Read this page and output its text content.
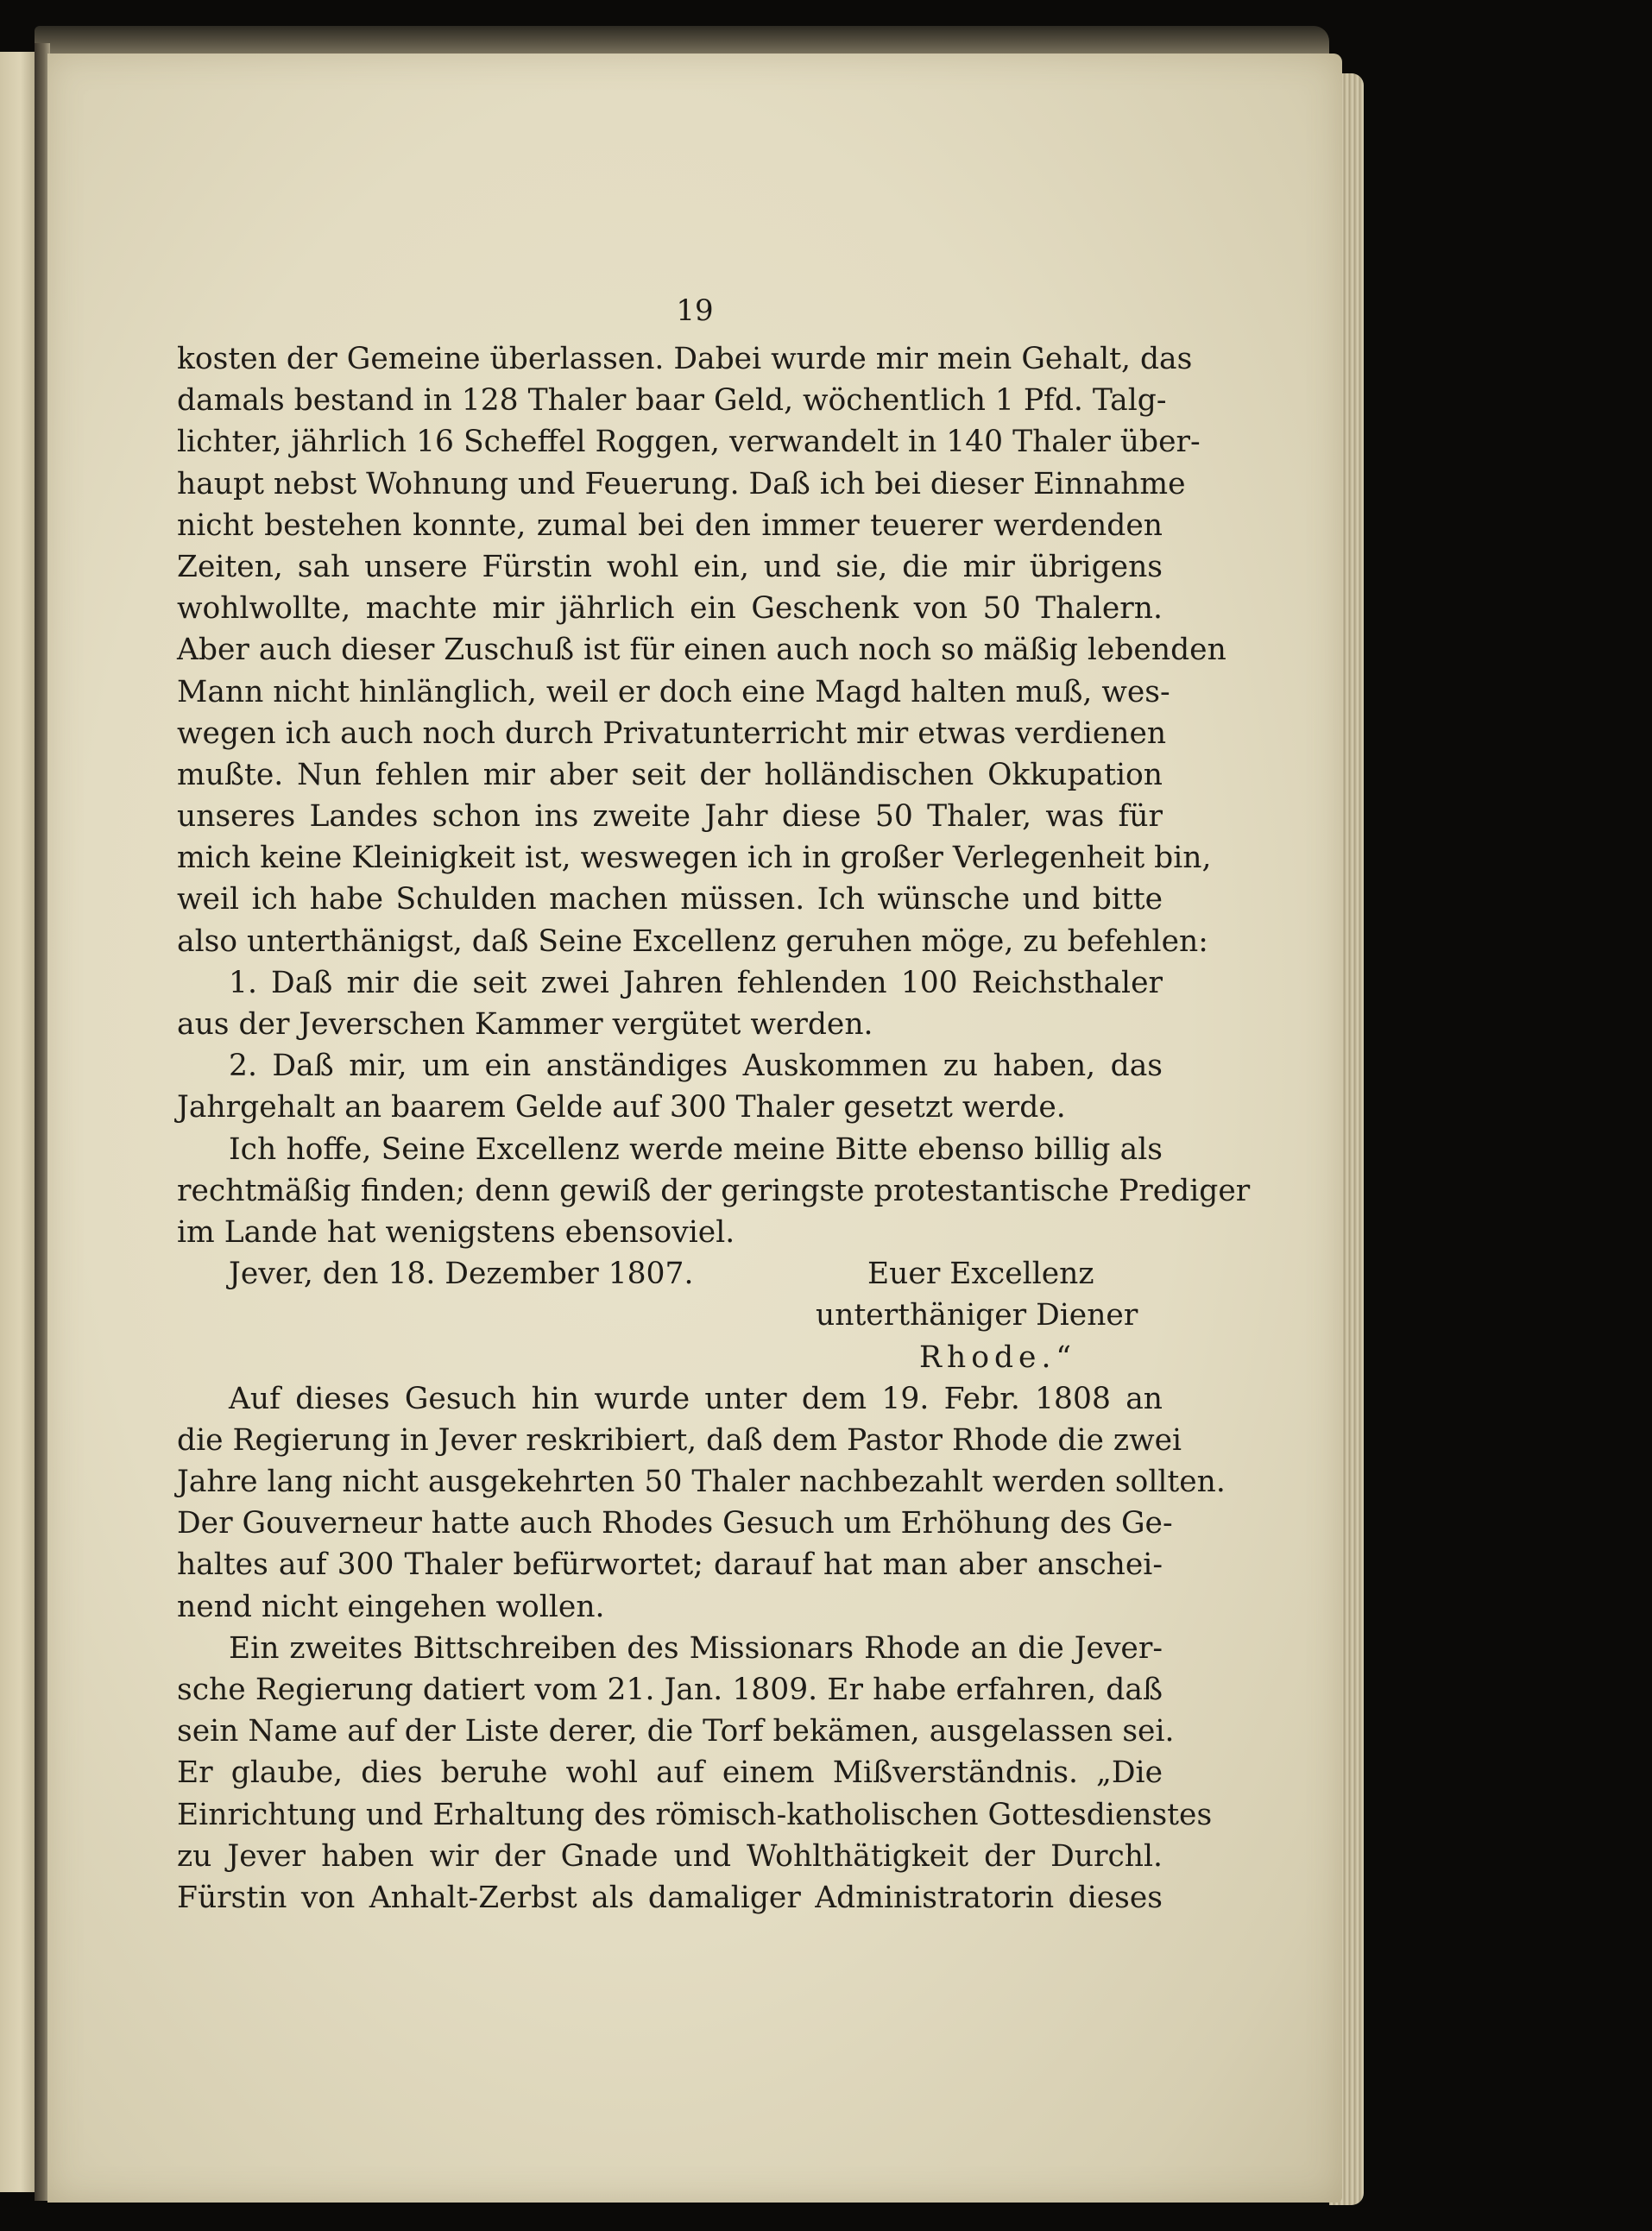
19
kosten der Gemeine überlassen. Dabei wurde mir mein Gehalt, das
damals bestand in 128 Thaler baar Geld, wöchentlich 1 Pfd. Talg-
lichter, jährlich 16 Scheffel Roggen, verwandelt in 140 Thaler über-
haupt nebst Wohnung und Feuerung. Daß ich bei dieser Einnahme
nicht bestehen konnte, zumal bei den immer teuerer werdenden
Zeiten, sah unsere Fürstin wohl ein, und sie, die mir übrigens
wohlwollte, machte mir jährlich ein Geschenk von 50 Thalern.
Aber auch dieser Zuschuß ist für einen auch noch so mäßig lebenden
Mann nicht hinlänglich, weil er doch eine Magd halten muß, wes-
wegen ich auch noch durch Privatunterricht mir etwas verdienen
mußte. Nun fehlen mir aber seit der holländischen Okkupation
unseres Landes schon ins zweite Jahr diese 50 Thaler, was für
mich keine Kleinigkeit ist, weswegen ich in großer Verlegenheit bin,
weil ich habe Schulden machen müssen. Ich wünsche und bitte
also unterthänigst, daß Seine Excellenz geruhen möge, zu befehlen:
1. Daß mir die seit zwei Jahren fehlenden 100 Reichsthaler
aus der Jeverschen Kammer vergütet werden.
2. Daß mir, um ein anständiges Auskommen zu haben, das
Jahrgehalt an baarem Gelde auf 300 Thaler gesetzt werde.
Ich hoffe, Seine Excellenz werde meine Bitte ebenso billig als
rechtmäßig finden; denn gewiß der geringste protestantische Prediger
im Lande hat wenigstens ebensoviel.
Jever, den 18. Dezember 1807.	Euer Excellenz
unterthäniger Diener
Rhode.“
Auf dieses Gesuch hin wurde unter dem 19. Febr. 1808 an
die Regierung in Jever reskribiert, daß dem Pastor Rhode die zwei
Jahre lang nicht ausgekehrten 50 Thaler nachbezahlt werden sollten.
Der Gouverneur hatte auch Rhodes Gesuch um Erhöhung des Ge-
haltes auf 300 Thaler befürwortet; darauf hat man aber anschei-
nend nicht eingehen wollen.
Ein zweites Bittschreiben des Missionars Rhode an die Jever-
sche Regierung datiert vom 21. Jan. 1809. Er habe erfahren, daß
sein Name auf der Liste derer, die Torf bekämen, ausgelassen sei.
Er glaube, dies beruhe wohl auf einem Mißverständnis. „Die
Einrichtung und Erhaltung des römisch-katholischen Gottesdienstes
zu Jever haben wir der Gnade und Wohlthätigkeit der Durchl.
Fürstin von Anhalt-Zerbst als damaliger Administratorin dieses
